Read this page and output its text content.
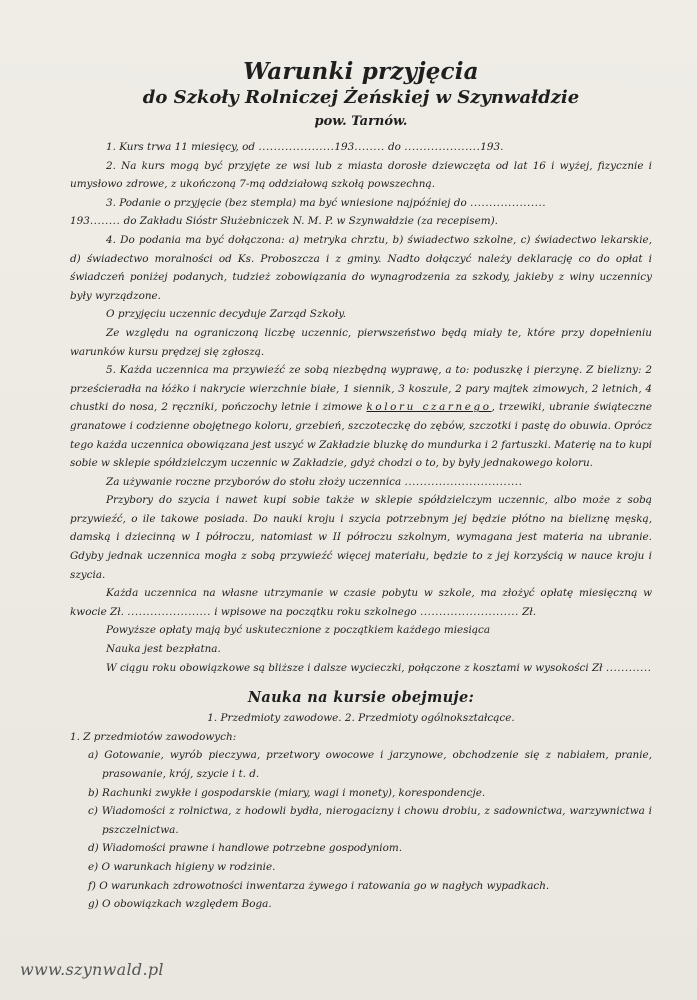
Warunki przyjęcia
do Szkoły Rolniczej Żeńskiej w Szynwałdzie
pow. Tarnów.

1. Kurs trwa 11 miesięcy, od ....................193........ do ....................193.

2. Na kurs mogą być przyjęte ze wsi lub z miasta dorosłe dziewczęta od lat 16 i wyżej, fizycznie i umysłowo zdrowe, z ukończoną 7-mą oddziałową szkołą powszechną.

3. Podanie o przyjęcie (bez stempla) ma być wniesione najpóźniej do ....................
193........ do Zakładu Sióstr Służebniczek N. M. P. w Szynwałdzie (za recepisem).

4. Do podania ma być dołączona: a) metryka chrztu, b) świadectwo szkolne, c) świadectwo lekarskie, d) świadectwo moralności od Ks. Proboszcza i z gminy. Nadto dołączyć należy deklarację co do opłat i świadczeń poniżej podanych, tudzież zobowiązania do wynagrodzenia za szkody, jakieby z winy uczennicy były wyrządzone.

O przyjęciu uczennic decyduje Zarząd Szkoły.

Ze względu na ograniczoną liczbę uczennic, pierwszeństwo będą miały te, które przy dopełnieniu warunków kursu prędzej się zgłoszą.

5. Każda uczennica ma przywieźć ze sobą niezbędną wyprawę, a to: poduszkę i pierzynę. Z bielizny: 2 prześcieradła na łóżko i nakrycie wierzchnie białe, 1 siennik, 3 koszule, 2 pary majtek zimowych, 2 letnich, 4 chustki do nosa, 2 ręczniki, pończochy letnie i zimowe koloru czarnego, trzewiki, ubranie świąteczne granatowe i codzienne obojętnego koloru, grzebień, szczoteczkę do zębów, szczotki i pastę do obuwia. Oprócz tego każda uczennica obowiązana jest uszyć w Zakładzie bluzkę do mundurka i 2 fartuszki. Materię na to kupi sobie w sklepie spółdzielczym uczennic w Zakładzie, gdyż chodzi o to, by były jednakowego koloru.

Za używanie roczne przyborów do stołu złoży uczennica ...............................

Przybory do szycia i nawet kupi sobie także w sklepie spółdzielczym uczennic, albo może z sobą przywieźć, o ile takowe posiada. Do nauki kroju i szycia potrzebnym jej będzie płótno na bieliznę męską, damską i dziecinną w I półroczu, natomiast w II półroczu szkolnym, wymagana jest materia na ubranie. Gdyby jednak uczennica mogła z sobą przywieźć więcej materiału, będzie to z jej korzyścią w nauce kroju i szycia.

Każda uczennica na własne utrzymanie w czasie pobytu w szkole, ma złożyć opłatę miesięczną w kwocie Zł. ...................... i wpisowe na początku roku szkolnego .......................... Zł.

Powyższe opłaty mają być uskutecznione z początkiem każdego miesiąca

Nauka jest bezpłatna.

W ciągu roku obowiązkowe są bliższe i dalsze wycieczki, połączone z kosztami w wysokości Zł ............

Nauka na kursie obejmuje:

1. Przedmioty zawodowe. 2. Przedmioty ogólnokształcące.

1. Z przedmiotów zawodowych:

a) Gotowanie, wyrób pieczywa, przetwory owocowe i jarzynowe, obchodzenie się z nabiałem, pranie, prasowanie, krój, szycie i t. d.

b) Rachunki zwykłe i gospodarskie (miary, wagi i monety), korespondencje.

c) Wiadomości z rolnictwa, z hodowli bydła, nierogacizny i chowu drobiu, z sadownictwa, warzywnictwa i pszczelnictwa.

d) Wiadomości prawne i handlowe potrzebne gospodyniom.

e) O warunkach higieny w rodzinie.

f) O warunkach zdrowotności inwentarza żywego i ratowania go w nagłych wypadkach.

g) O obowiązkach względem Boga.

www.szynwald.pl
